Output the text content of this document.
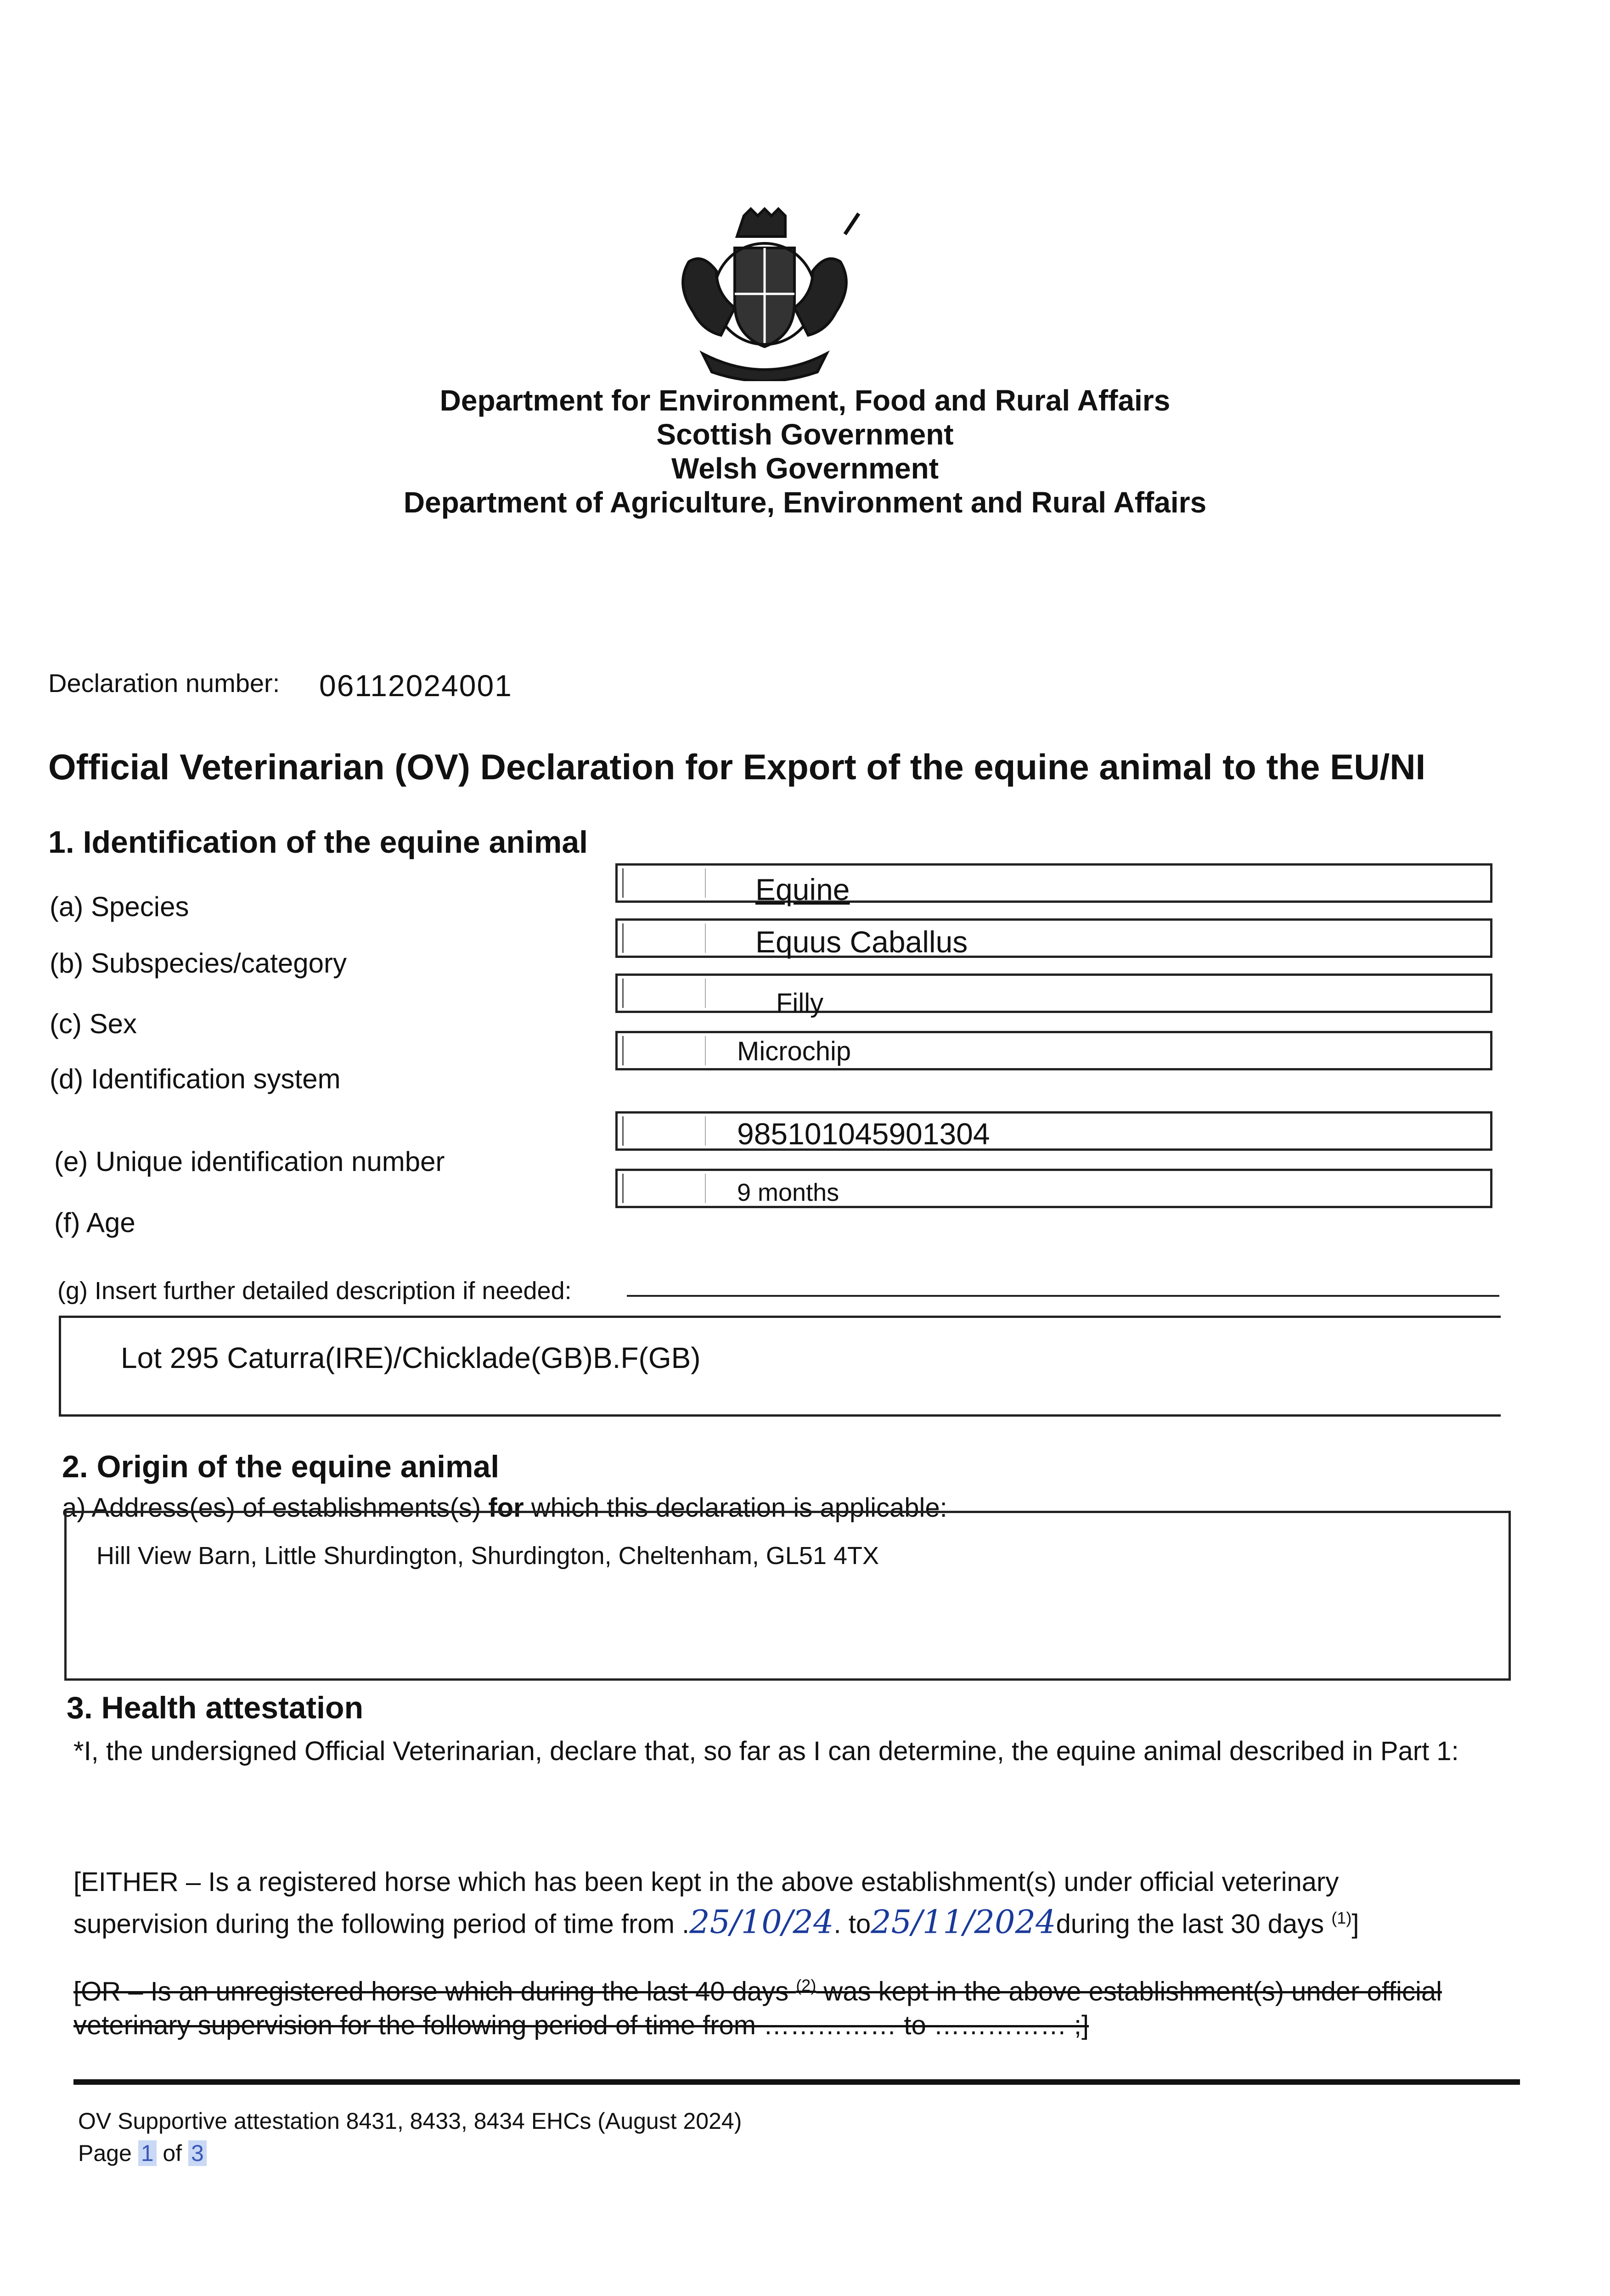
Department for Environment, Food and Rural Affairs
Scottish Government
Welsh Government
Department of Agriculture, Environment and Rural Affairs
Declaration number: 06112024001
Official Veterinarian (OV) Declaration for Export of the equine animal to the EU/NI
1. Identification of the equine animal
(a) Species
Equine
(b) Subspecies/category
Equus Caballus
(c) Sex
Filly
(d) Identification system
Microchip
(e) Unique identification number
985101045901304
(f) Age
9 months
(g) Insert further detailed description if needed:
Lot 295 Caturra(IRE)/Chicklade(GB)B.F(GB)
2. Origin of the equine animal
a) Address(es) of establishments(s) for which this declaration is applicable:
Hill View Barn, Little Shurdington, Shurdington, Cheltenham, GL51 4TX
3. Health attestation
*I, the undersigned Official Veterinarian, declare that, so far as I can determine, the equine animal described in Part 1:
[EITHER – Is a registered horse which has been kept in the above establishment(s) under official veterinary
supervision during the following period of time from .25/10/24. to25/11/2024during the last 30 days $^{(1)}$]
[OR – Is an unregistered horse which during the last 40 days $^{(2)}$ was kept in the above establishment(s) under official
veterinary supervision for the following period of time from …………… to …………… ;]
OV Supportive attestation 8431, 8433, 8434 EHCs (August 2024)
Page 1 of 3
